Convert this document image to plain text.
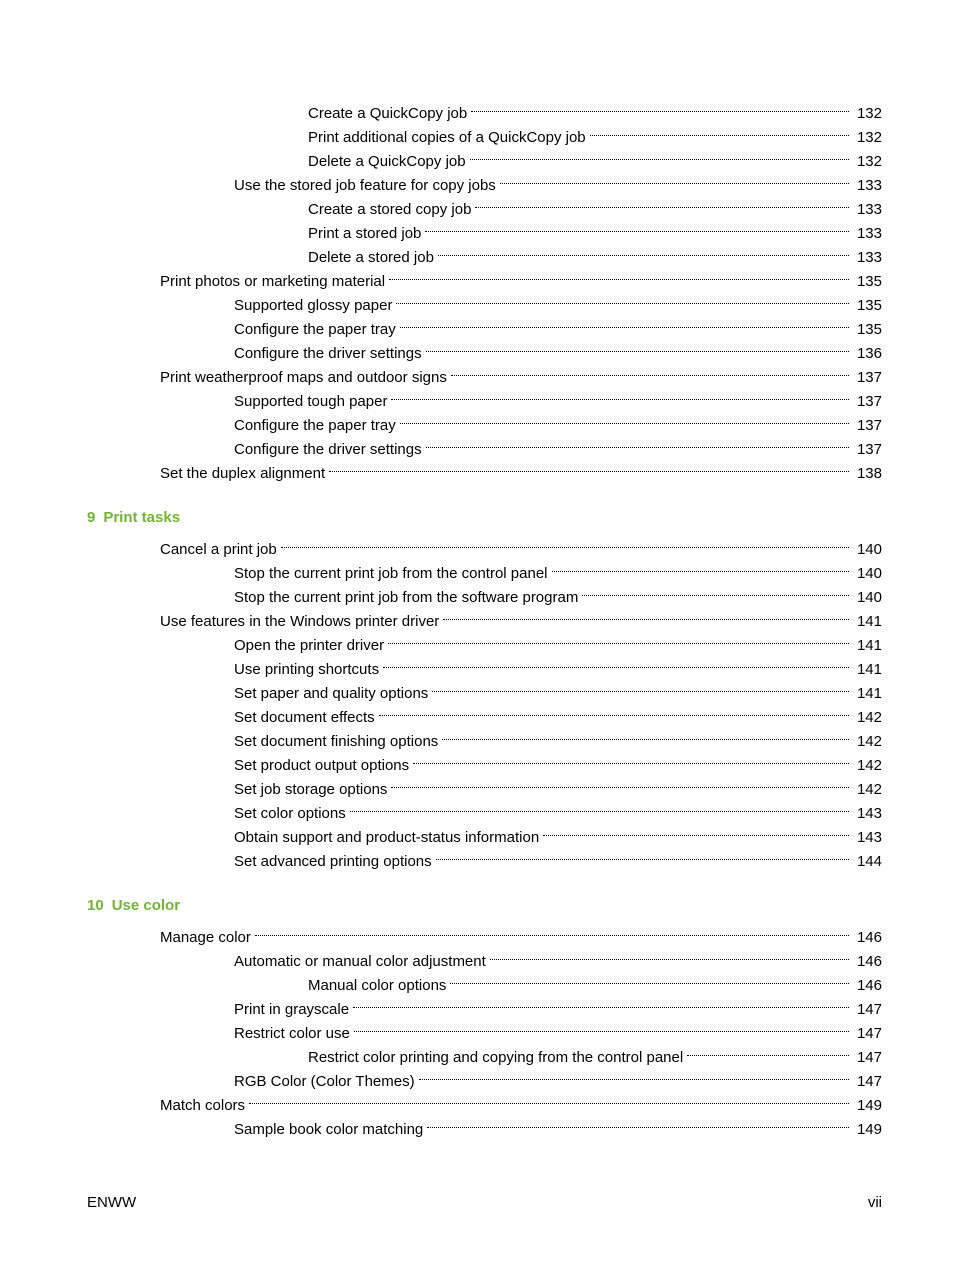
Create a QuickCopy job	132
Print additional copies of a QuickCopy job	132
Delete a QuickCopy job	132
Use the stored job feature for copy jobs	133
Create a stored copy job	133
Print a stored job	133
Delete a stored job	133
Print photos or marketing material	135
Supported glossy paper	135
Configure the paper tray	135
Configure the driver settings	136
Print weatherproof maps and outdoor signs	137
Supported tough paper	137
Configure the paper tray	137
Configure the driver settings	137
Set the duplex alignment	138
9 Print tasks
Cancel a print job	140
Stop the current print job from the control panel	140
Stop the current print job from the software program	140
Use features in the Windows printer driver	141
Open the printer driver	141
Use printing shortcuts	141
Set paper and quality options	141
Set document effects	142
Set document finishing options	142
Set product output options	142
Set job storage options	142
Set color options	143
Obtain support and product-status information	143
Set advanced printing options	144
10 Use color
Manage color	146
Automatic or manual color adjustment	146
Manual color options	146
Print in grayscale	147
Restrict color use	147
Restrict color printing and copying from the control panel	147
RGB Color (Color Themes)	147
Match colors	149
Sample book color matching	149
ENWW	vii
